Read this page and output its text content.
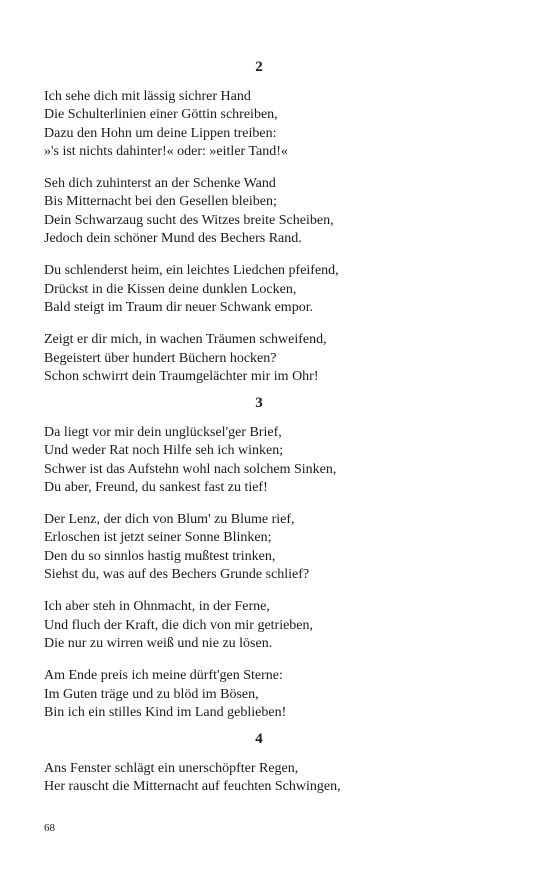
2
Ich sehe dich mit lässig sichrer Hand
Die Schulterlinien einer Göttin schreiben,
Dazu den Hohn um deine Lippen treiben:
»'s ist nichts dahinter!« oder: »eitler Tand!«
Seh dich zuhinterst an der Schenke Wand
Bis Mitternacht bei den Gesellen bleiben;
Dein Schwarzaug sucht des Witzes breite Scheiben,
Jedoch dein schöner Mund des Bechers Rand.
Du schlenderst heim, ein leichtes Liedchen pfeifend,
Drückst in die Kissen deine dunklen Locken,
Bald steigt im Traum dir neuer Schwank empor.
Zeigt er dir mich, in wachen Träumen schweifend,
Begeistert über hundert Büchern hocken?
Schon schwirrt dein Traumgelächter mir im Ohr!
3
Da liegt vor mir dein unglücksel'ger Brief,
Und weder Rat noch Hilfe seh ich winken;
Schwer ist das Aufstehn wohl nach solchem Sinken,
Du aber, Freund, du sankest fast zu tief!
Der Lenz, der dich von Blum' zu Blume rief,
Erloschen ist jetzt seiner Sonne Blinken;
Den du so sinnlos hastig mußtest trinken,
Siehst du, was auf des Bechers Grunde schlief?
Ich aber steh in Ohnmacht, in der Ferne,
Und fluch der Kraft, die dich von mir getrieben,
Die nur zu wirren weiß und nie zu lösen.
Am Ende preis ich meine dürft'gen Sterne:
Im Guten träge und zu blöd im Bösen,
Bin ich ein stilles Kind im Land geblieben!
4
Ans Fenster schlägt ein unerschöpfter Regen,
Her rauscht die Mitternacht auf feuchten Schwingen,
68
